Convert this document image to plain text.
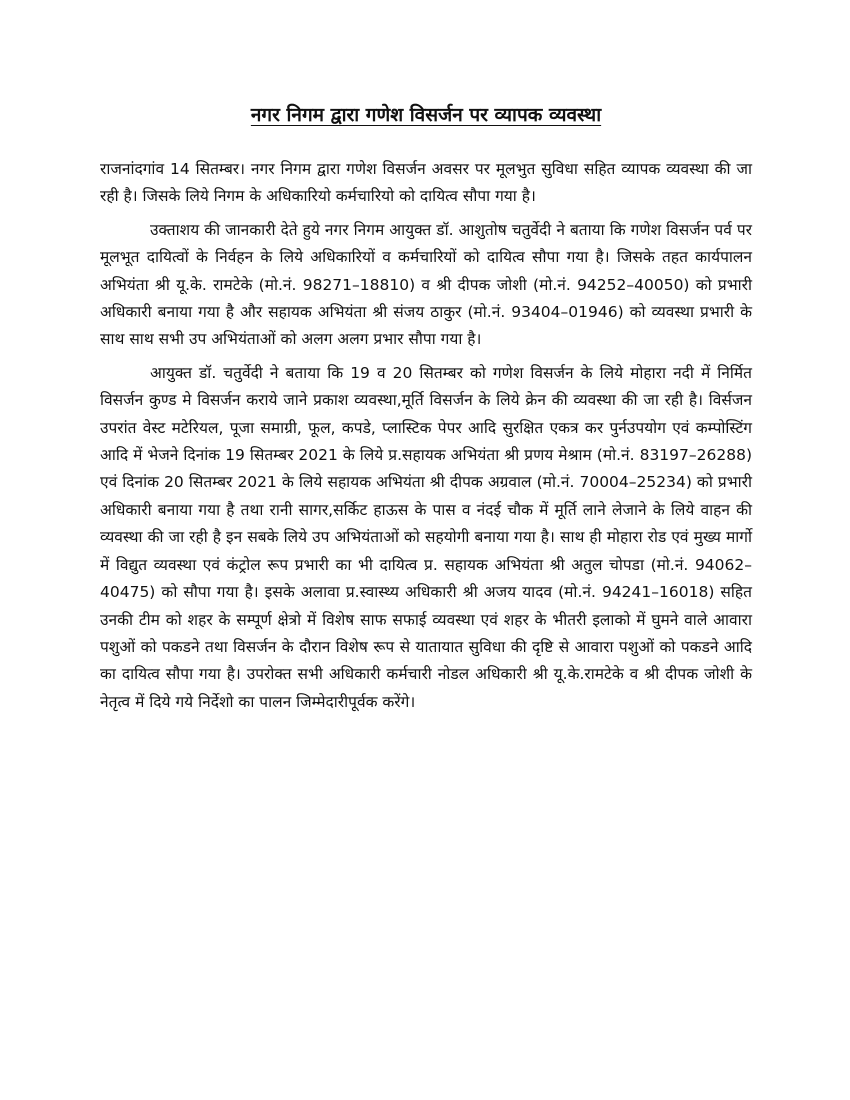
नगर निगम द्वारा गणेश विसर्जन पर व्यापक व्यवस्था

राजनांदगांव 14 सितम्बर। नगर निगम द्वारा गणेश विसर्जन अवसर पर मूलभुत सुविधा सहित व्यापक व्यवस्था की जा रही है। जिसके लिये निगम के अधिकारियो कर्मचारियो को दायित्व सौपा गया है।

उक्ताशय की जानकारी देते हुये नगर निगम आयुक्त डॉ. आशुतोष चतुर्वेदी ने बताया कि गणेश विसर्जन पर्व पर मूलभूत दायित्वों के निर्वहन के लिये अधिकारियों व कर्मचारियों को दायित्व सौपा गया है। जिसके तहत कार्यपालन अभियंता श्री यू.के. रामटेके (मो.नं. 98271–18810) व श्री दीपक जोशी (मो.नं. 94252–40050) को प्रभारी अधिकारी बनाया गया है और सहायक अभियंता श्री संजय ठाकुर (मो.नं. 93404–01946) को व्यवस्था प्रभारी के साथ साथ सभी उप अभियंताओं को अलग अलग प्रभार सौपा गया है।

आयुक्त डॉ. चतुर्वेदी ने बताया कि 19 व 20 सितम्बर को गणेश विसर्जन के लिये मोहारा नदी में निर्मित विसर्जन कुण्ड मे विसर्जन कराये जाने प्रकाश व्यवस्था,मूर्ति विसर्जन के लिये क्रेन की व्यवस्था की जा रही है। विर्सजन उपरांत वेस्ट मटेरियल, पूजा समाग्री, फूल, कपडे, प्लास्टिक पेपर आदि सुरक्षित एकत्र कर पुर्नउपयोग एवं कम्पोस्टिंग आदि में भेजने दिनांक 19 सितम्बर 2021 के लिये प्र.सहायक अभियंता श्री प्रणय मेश्राम (मो.नं. 83197–26288) एवं दिनांक 20 सितम्बर 2021 के लिये सहायक अभियंता श्री दीपक अग्रवाल (मो.नं. 70004–25234) को प्रभारी अधिकारी बनाया गया है तथा रानी सागर,सर्किट हाऊस के पास व नंदई चौक में मूर्ति लाने लेजाने के लिये वाहन की व्यवस्था की जा रही है इन सबके लिये उप अभियंताओं को सहयोगी बनाया गया है। साथ ही मोहारा रोड एवं मुख्य मार्गो में विद्युत व्यवस्था एवं कंट्रोल रूप प्रभारी का भी दायित्व प्र. सहायक अभियंता श्री अतुल चोपडा (मो.नं. 94062–40475) को सौपा गया है। इसके अलावा प्र.स्वास्थ्य अधिकारी श्री अजय यादव (मो.नं. 94241–16018) सहित उनकी टीम को शहर के सम्पूर्ण क्षेत्रो में विशेष साफ सफाई व्यवस्था एवं शहर के भीतरी इलाको में घुमने वाले आवारा पशुओं को पकडने तथा विसर्जन के दौरान विशेष रूप से यातायात सुविधा की दृष्टि से आवारा पशुओं को पकडने आदि का दायित्व सौपा गया है। उपरोक्त सभी अधिकारी कर्मचारी नोडल अधिकारी श्री यू.के.रामटेके व श्री दीपक जोशी के नेतृत्व में दिये गये निर्देशो का पालन जिम्मेदारीपूर्वक करेंगे।
